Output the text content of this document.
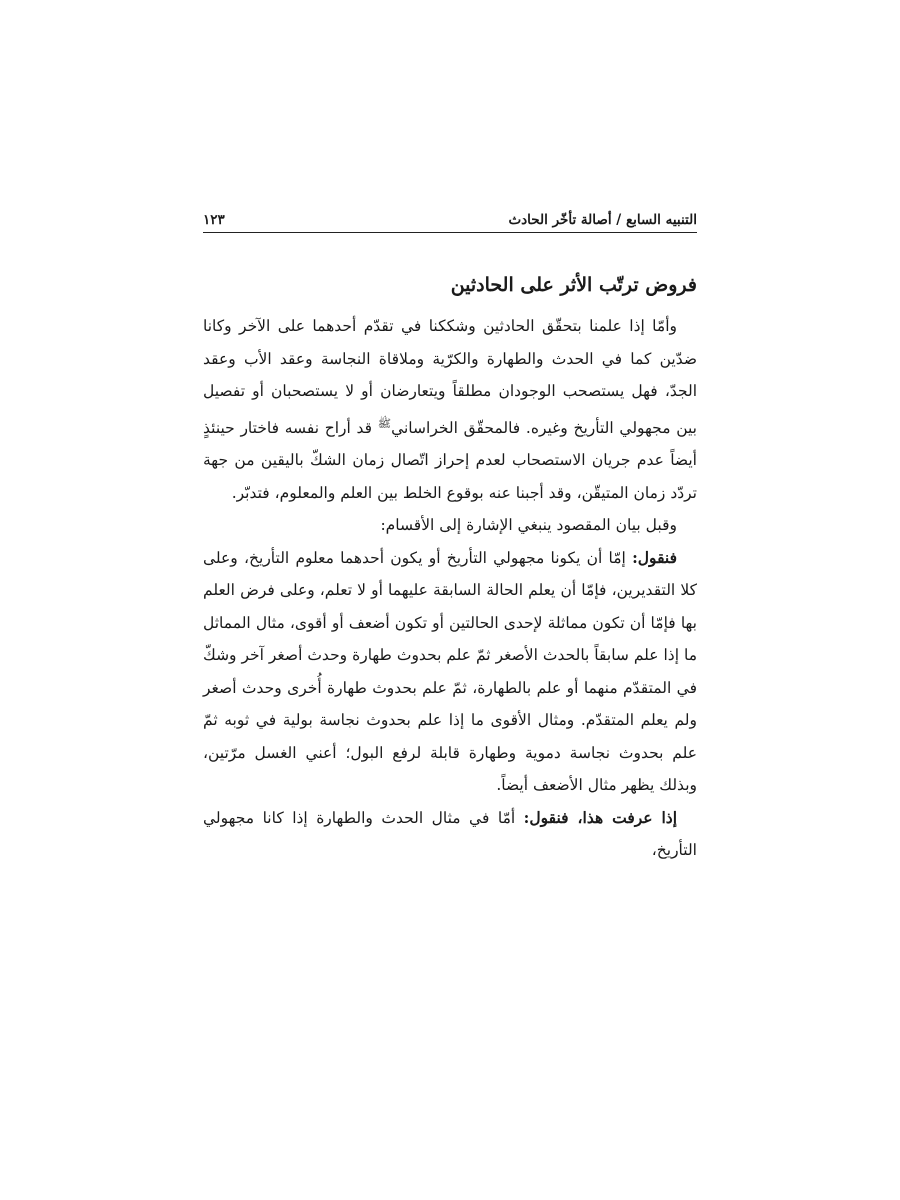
التنبيه السابع / أصالة تأخّر الحادث
١٢٣
فروض ترتّب الأثر على الحادثين

وأمّا إذا علمنا بتحقّق الحادثين وشككنا في تقدّم أحدهما على الآخر وكانا ضدّين كما في الحدث والطهارة والكرّية وملاقاة النجاسة وعقد الأب وعقد الجدّ، فهل يستصحب الوجودان مطلقاً ويتعارضان أو لا يستصحبان أو تفصيل بين مجهولي التأريخ وغيره. فالمحقّق الخراساني$^ﷺ$ قد أراح نفسه فاختار حينئذٍ أيضاً عدم جريان الاستصحاب لعدم إحراز اتّصال زمان الشكّ باليقين من جهة تردّد زمان المتيقّن، وقد أجبنا عنه بوقوع الخلط بين العلم والمعلوم، فتدبّر.

وقبل بيان المقصود ينبغي الإشارة إلى الأقسام:

فنقول: إمّا أن يكونا مجهولي التأريخ أو يكون أحدهما معلوم التأريخ، وعلى كلا التقديرين، فإمّا أن يعلم الحالة السابقة عليهما أو لا تعلم، وعلى فرض العلم بها فإمّا أن تكون مماثلة لإحدى الحالتين أو تكون أضعف أو أقوى، مثال المماثل ما إذا علم سابقاً بالحدث الأصغر ثمّ علم بحدوث طهارة وحدث أصغر آخر وشكّ في المتقدّم منهما أو علم بالطهارة، ثمّ علم بحدوث طهارة أُخرى وحدث أصغر ولم يعلم المتقدّم. ومثال الأقوى ما إذا علم بحدوث نجاسة بولية في ثوبه ثمّ علم بحدوث نجاسة دموية وطهارة قابلة لرفع البول؛ أعني الغسل مرّتين، وبذلك يظهر مثال الأضعف أيضاً.

إذا عرفت هذا، فنقول: أمّا في مثال الحدث والطهارة إذا كانا مجهولي التأريخ،
